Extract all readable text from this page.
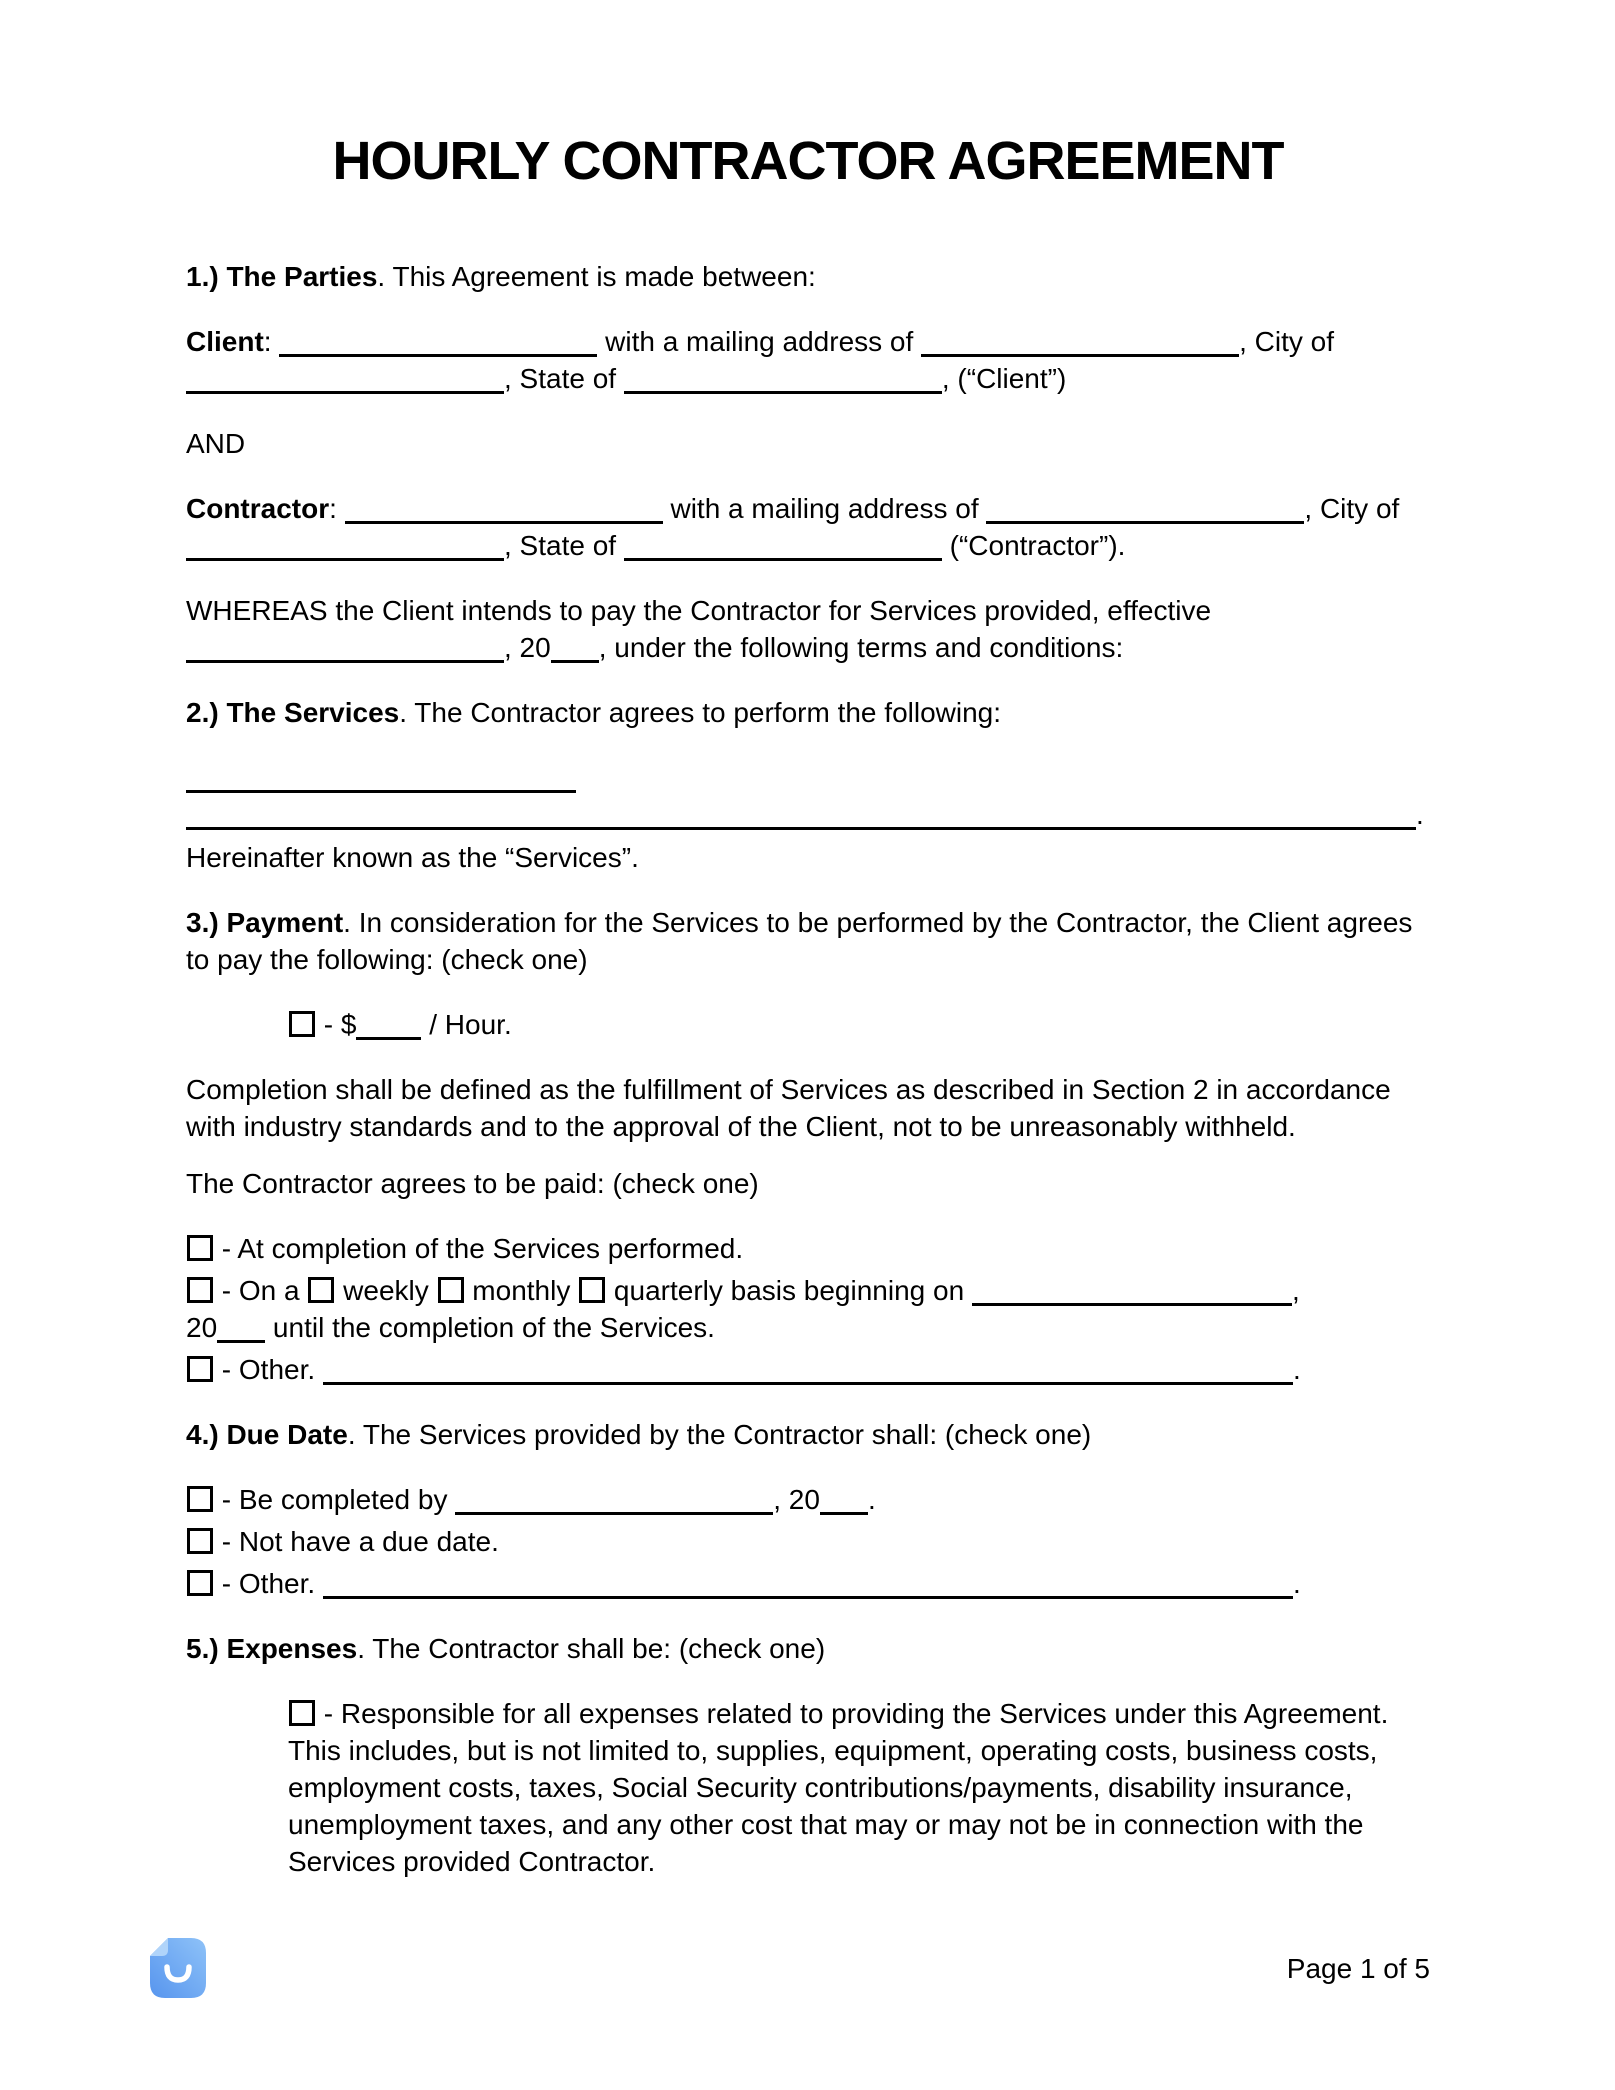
HOURLY CONTRACTOR AGREEMENT

1.) The Parties. This Agreement is made between:

Client:	with a mailing address of	, City of , State of	, (“Client”)

AND

Contractor:	with a mailing address of	, City of , State of	(“Contractor”).

WHEREAS the Client intends to pay the Contractor for Services provided, effective , 20 , under the following terms and conditions:

2.) The Services. The Contractor agrees to perform the following:

.

Hereinafter known as the “Services”.

3.) Payment. In consideration for the Services to be performed by the Contractor, the Client agrees to pay the following: (check one)

- $ / Hour.

Completion shall be defined as the fulfillment of Services as described in Section 2 in accordance with industry standards and to the approval of the Client, not to be unreasonably withheld.

The Contractor agrees to be paid: (check one)

- At completion of the Services performed.

- On a  weekly  monthly  quarterly basis beginning on	,
20 until the completion of the Services.

- Other.	.

4.) Due Date. The Services provided by the Contractor shall: (check one)

- Be completed by	, 20 .

- Not have a due date.

- Other.	.

5.) Expenses. The Contractor shall be: (check one)

- Responsible for all expenses related to providing the Services under this Agreement. This includes, but is not limited to, supplies, equipment, operating costs, business costs, employment costs, taxes, Social Security contributions/payments, disability insurance, unemployment taxes, and any other cost that may or may not be in connection with the Services provided Contractor.

Page 1 of 5
